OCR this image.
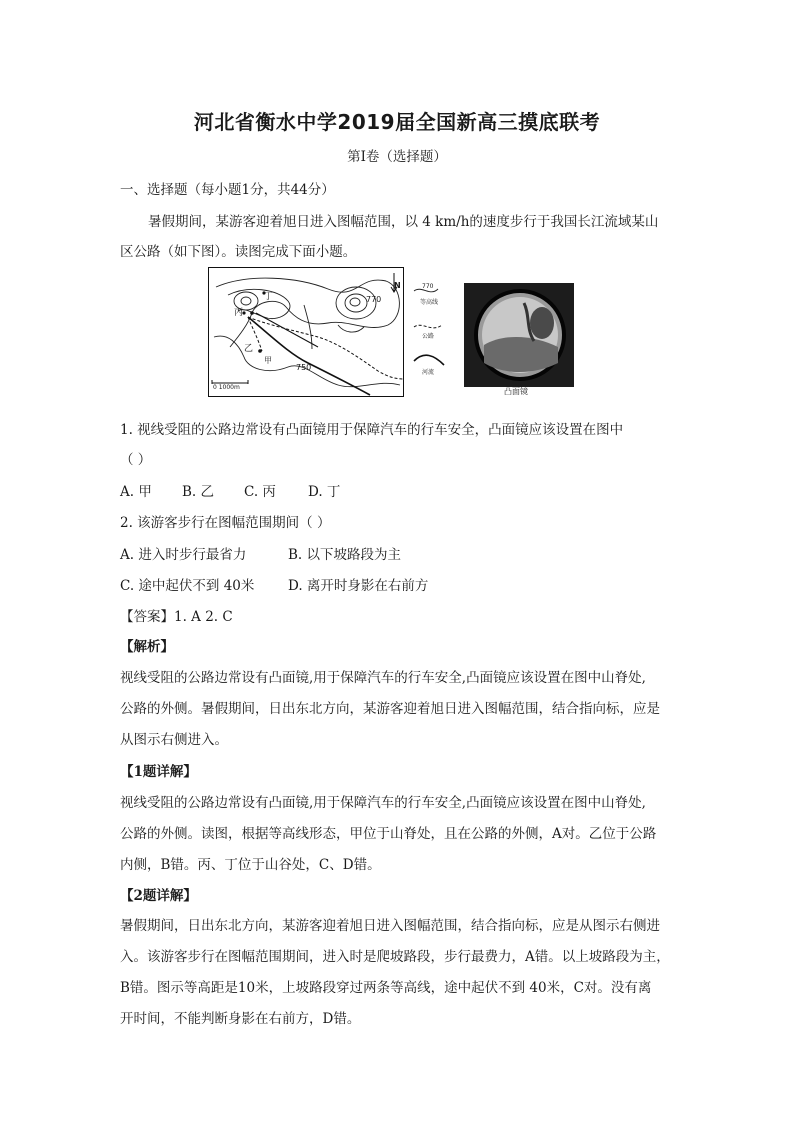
河北省衡水中学2019届全国新高三摸底联考
第I卷（选择题）
一、选择题（每小题1分，共44分）
暑假期间，某游客迎着旭日进入图幅范围，以 4 km/h的速度步行于我国长江流域某山
区公路（如下图）。读图完成下面小题。
丁
丙
乙
甲
770
750
N
0 1000m
770
等高线
公路
河流
凸面镜
1. 视线受阻的公路边常设有凸面镜用于保障汽车的行车安全，凸面镜应该设置在图中
（ ）
A. 甲 B. 乙 C. 丙 D. 丁
2. 该游客步行在图幅范围期间（ ）
A. 进入时步行最省力	B. 以下坡路段为主
C. 途中起伏不到 40米 D. 离开时身影在右前方
【答案】1. A 2. C
【解析】
视线受阻的公路边常设有凸面镜,用于保障汽车的行车安全,凸面镜应该设置在图中山脊处,
公路的外侧。暑假期间，日出东北方向，某游客迎着旭日进入图幅范围，结合指向标，应是
从图示右侧进入。
【1题详解】
视线受阻的公路边常设有凸面镜,用于保障汽车的行车安全,凸面镜应该设置在图中山脊处,
公路的外侧。读图，根据等高线形态，甲位于山脊处，且在公路的外侧，A对。乙位于公路
内侧，B错。丙、丁位于山谷处，C、D错。
【2题详解】
暑假期间，日出东北方向，某游客迎着旭日进入图幅范围，结合指向标，应是从图示右侧进
入。该游客步行在图幅范围期间，进入时是爬坡路段，步行最费力，A错。以上坡路段为主，
B错。图示等高距是10米，上坡路段穿过两条等高线，途中起伏不到 40米，C对。没有离
开时间，不能判断身影在右前方，D错。
